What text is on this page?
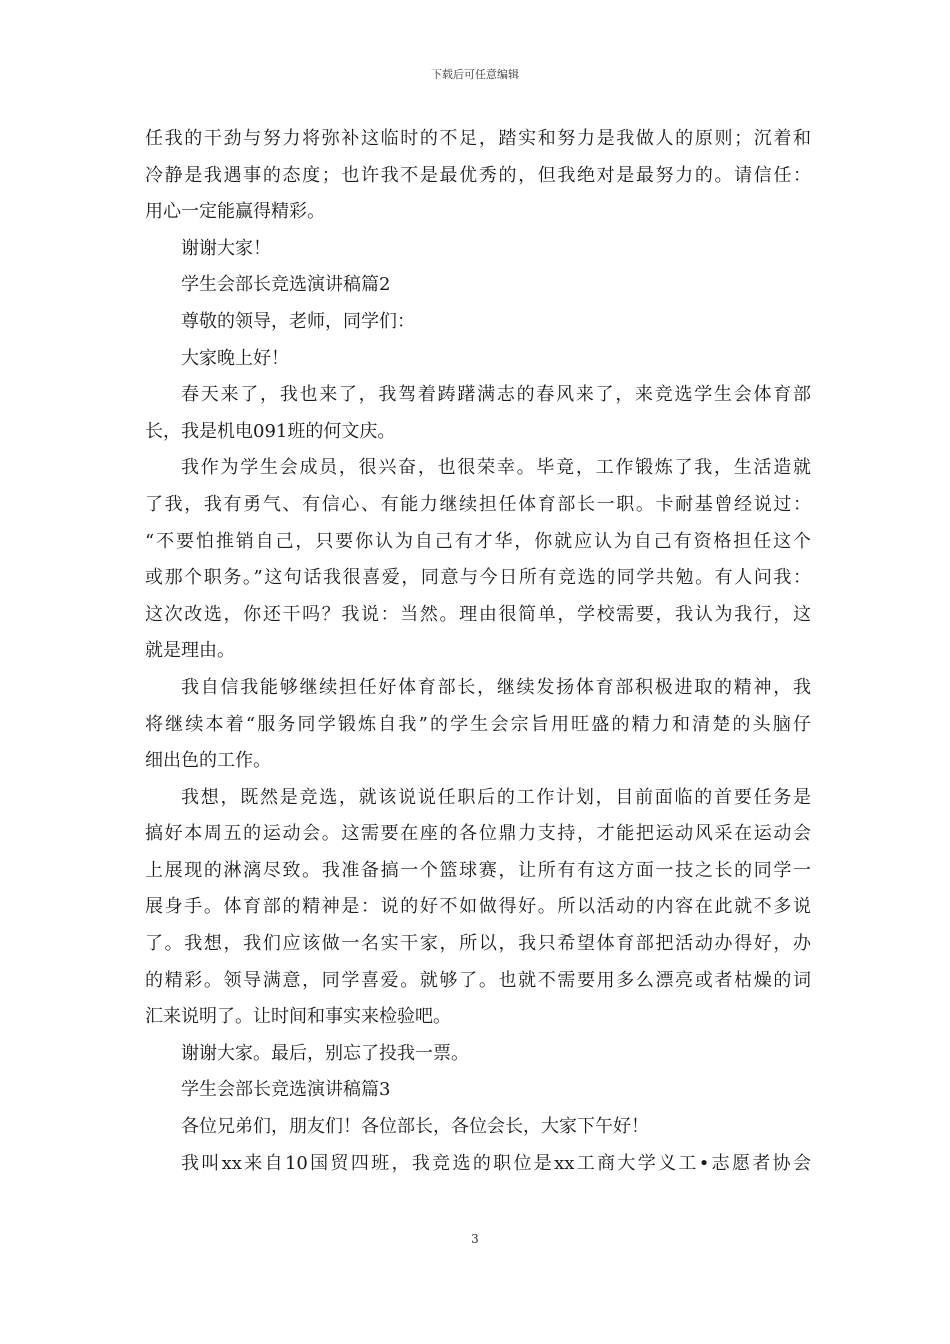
下载后可任意编辑
任我的干劲与努力将弥补这临时的不足，踏实和努力是我做人的原则；沉着和
冷静是我遇事的态度；也许我不是最优秀的，但我绝对是最努力的。请信任：
用心一定能赢得精彩。
谢谢大家！
学生会部长竞选演讲稿篇2
尊敬的领导，老师，同学们：
大家晚上好！
春天来了，我也来了，我驾着踌躇满志的春风来了，来竞选学生会体育部
长，我是机电091班的何文庆。
我作为学生会成员，很兴奋，也很荣幸。毕竟，工作锻炼了我，生活造就
了我，我有勇气、有信心、有能力继续担任体育部长一职。卡耐基曾经说过：
“不要怕推销自己，只要你认为自己有才华，你就应认为自己有资格担任这个
或那个职务。”这句话我很喜爱，同意与今日所有竞选的同学共勉。有人问我：
这次改选，你还干吗？我说：当然。理由很简单，学校需要，我认为我行，这
就是理由。
我自信我能够继续担任好体育部长，继续发扬体育部积极进取的精神，我
将继续本着“服务同学锻炼自我”的学生会宗旨用旺盛的精力和清楚的头脑仔
细出色的工作。
我想，既然是竞选，就该说说任职后的工作计划，目前面临的首要任务是
搞好本周五的运动会。这需要在座的各位鼎力支持，才能把运动风采在运动会
上展现的淋漓尽致。我准备搞一个篮球赛，让所有有这方面一技之长的同学一
展身手。体育部的精神是：说的好不如做得好。所以活动的内容在此就不多说
了。我想，我们应该做一名实干家，所以，我只希望体育部把活动办得好，办
的精彩。领导满意，同学喜爱。就够了。也就不需要用多么漂亮或者枯燥的词
汇来说明了。让时间和事实来检验吧。
谢谢大家。最后，别忘了投我一票。
学生会部长竞选演讲稿篇3
各位兄弟们，朋友们！各位部长，各位会长，大家下午好！
我叫xx来自10国贸四班，我竞选的职位是xx工商大学义工•志愿者协会
3
